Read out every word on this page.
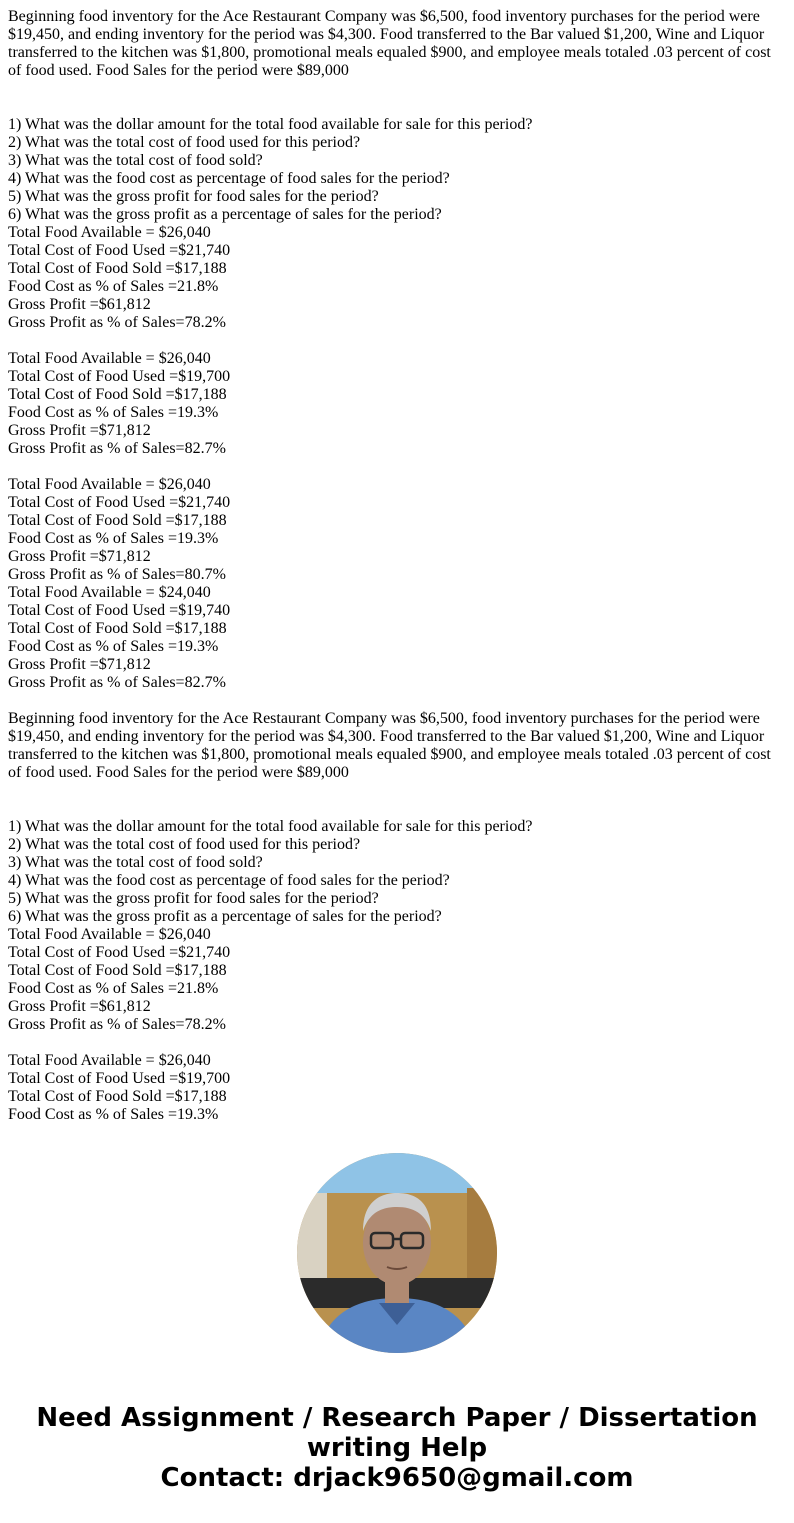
Beginning food inventory for the Ace Restaurant Company was $6,500, food inventory purchases for the period were $19,450, and ending inventory for the period was $4,300. Food transferred to the Bar valued $1,200, Wine and Liquor transferred to the kitchen was $1,800, promotional meals equaled $900, and employee meals totaled .03 percent of cost of food used. Food Sales for the period were $89,000

1) What was the dollar amount for the total food available for sale for this period?
2) What was the total cost of food used for this period?
3) What was the total cost of food sold?
4) What was the food cost as percentage of food sales for the period?
5) What was the gross profit for food sales for the period?
6) What was the gross profit as a percentage of sales for the period?
Total Food Available = $26,040
Total Cost of Food Used =$21,740
Total Cost of Food Sold =$17,188
Food Cost as % of Sales =21.8%
Gross Profit =$61,812
Gross Profit as % of Sales=78.2%
Total Food Available = $26,040
Total Cost of Food Used =$19,700
Total Cost of Food Sold =$17,188
Food Cost as % of Sales =19.3%
Gross Profit =$71,812
Gross Profit as % of Sales=82.7%
Total Food Available = $26,040
Total Cost of Food Used =$21,740
Total Cost of Food Sold =$17,188
Food Cost as % of Sales =19.3%
Gross Profit =$71,812
Gross Profit as % of Sales=80.7%
Total Food Available = $24,040
Total Cost of Food Used =$19,740
Total Cost of Food Sold =$17,188
Food Cost as % of Sales =19.3%
Gross Profit =$71,812
Gross Profit as % of Sales=82.7%

Beginning food inventory for the Ace Restaurant Company was $6,500, food inventory purchases for the period were $19,450, and ending inventory for the period was $4,300. Food transferred to the Bar valued $1,200, Wine and Liquor transferred to the kitchen was $1,800, promotional meals equaled $900, and employee meals totaled .03 percent of cost of food used. Food Sales for the period were $89,000

1) What was the dollar amount for the total food available for sale for this period?
2) What was the total cost of food used for this period?
3) What was the total cost of food sold?
4) What was the food cost as percentage of food sales for the period?
5) What was the gross profit for food sales for the period?
6) What was the gross profit as a percentage of sales for the period?
Total Food Available = $26,040
Total Cost of Food Used =$21,740
Total Cost of Food Sold =$17,188
Food Cost as % of Sales =21.8%
Gross Profit =$61,812
Gross Profit as % of Sales=78.2%
Total Food Available = $26,040
Total Cost of Food Used =$19,700
Total Cost of Food Sold =$17,188
Food Cost as % of Sales =19.3%
Need Assignment / Research Paper / Dissertation
writing Help
Contact: drjack9650@gmail.com
